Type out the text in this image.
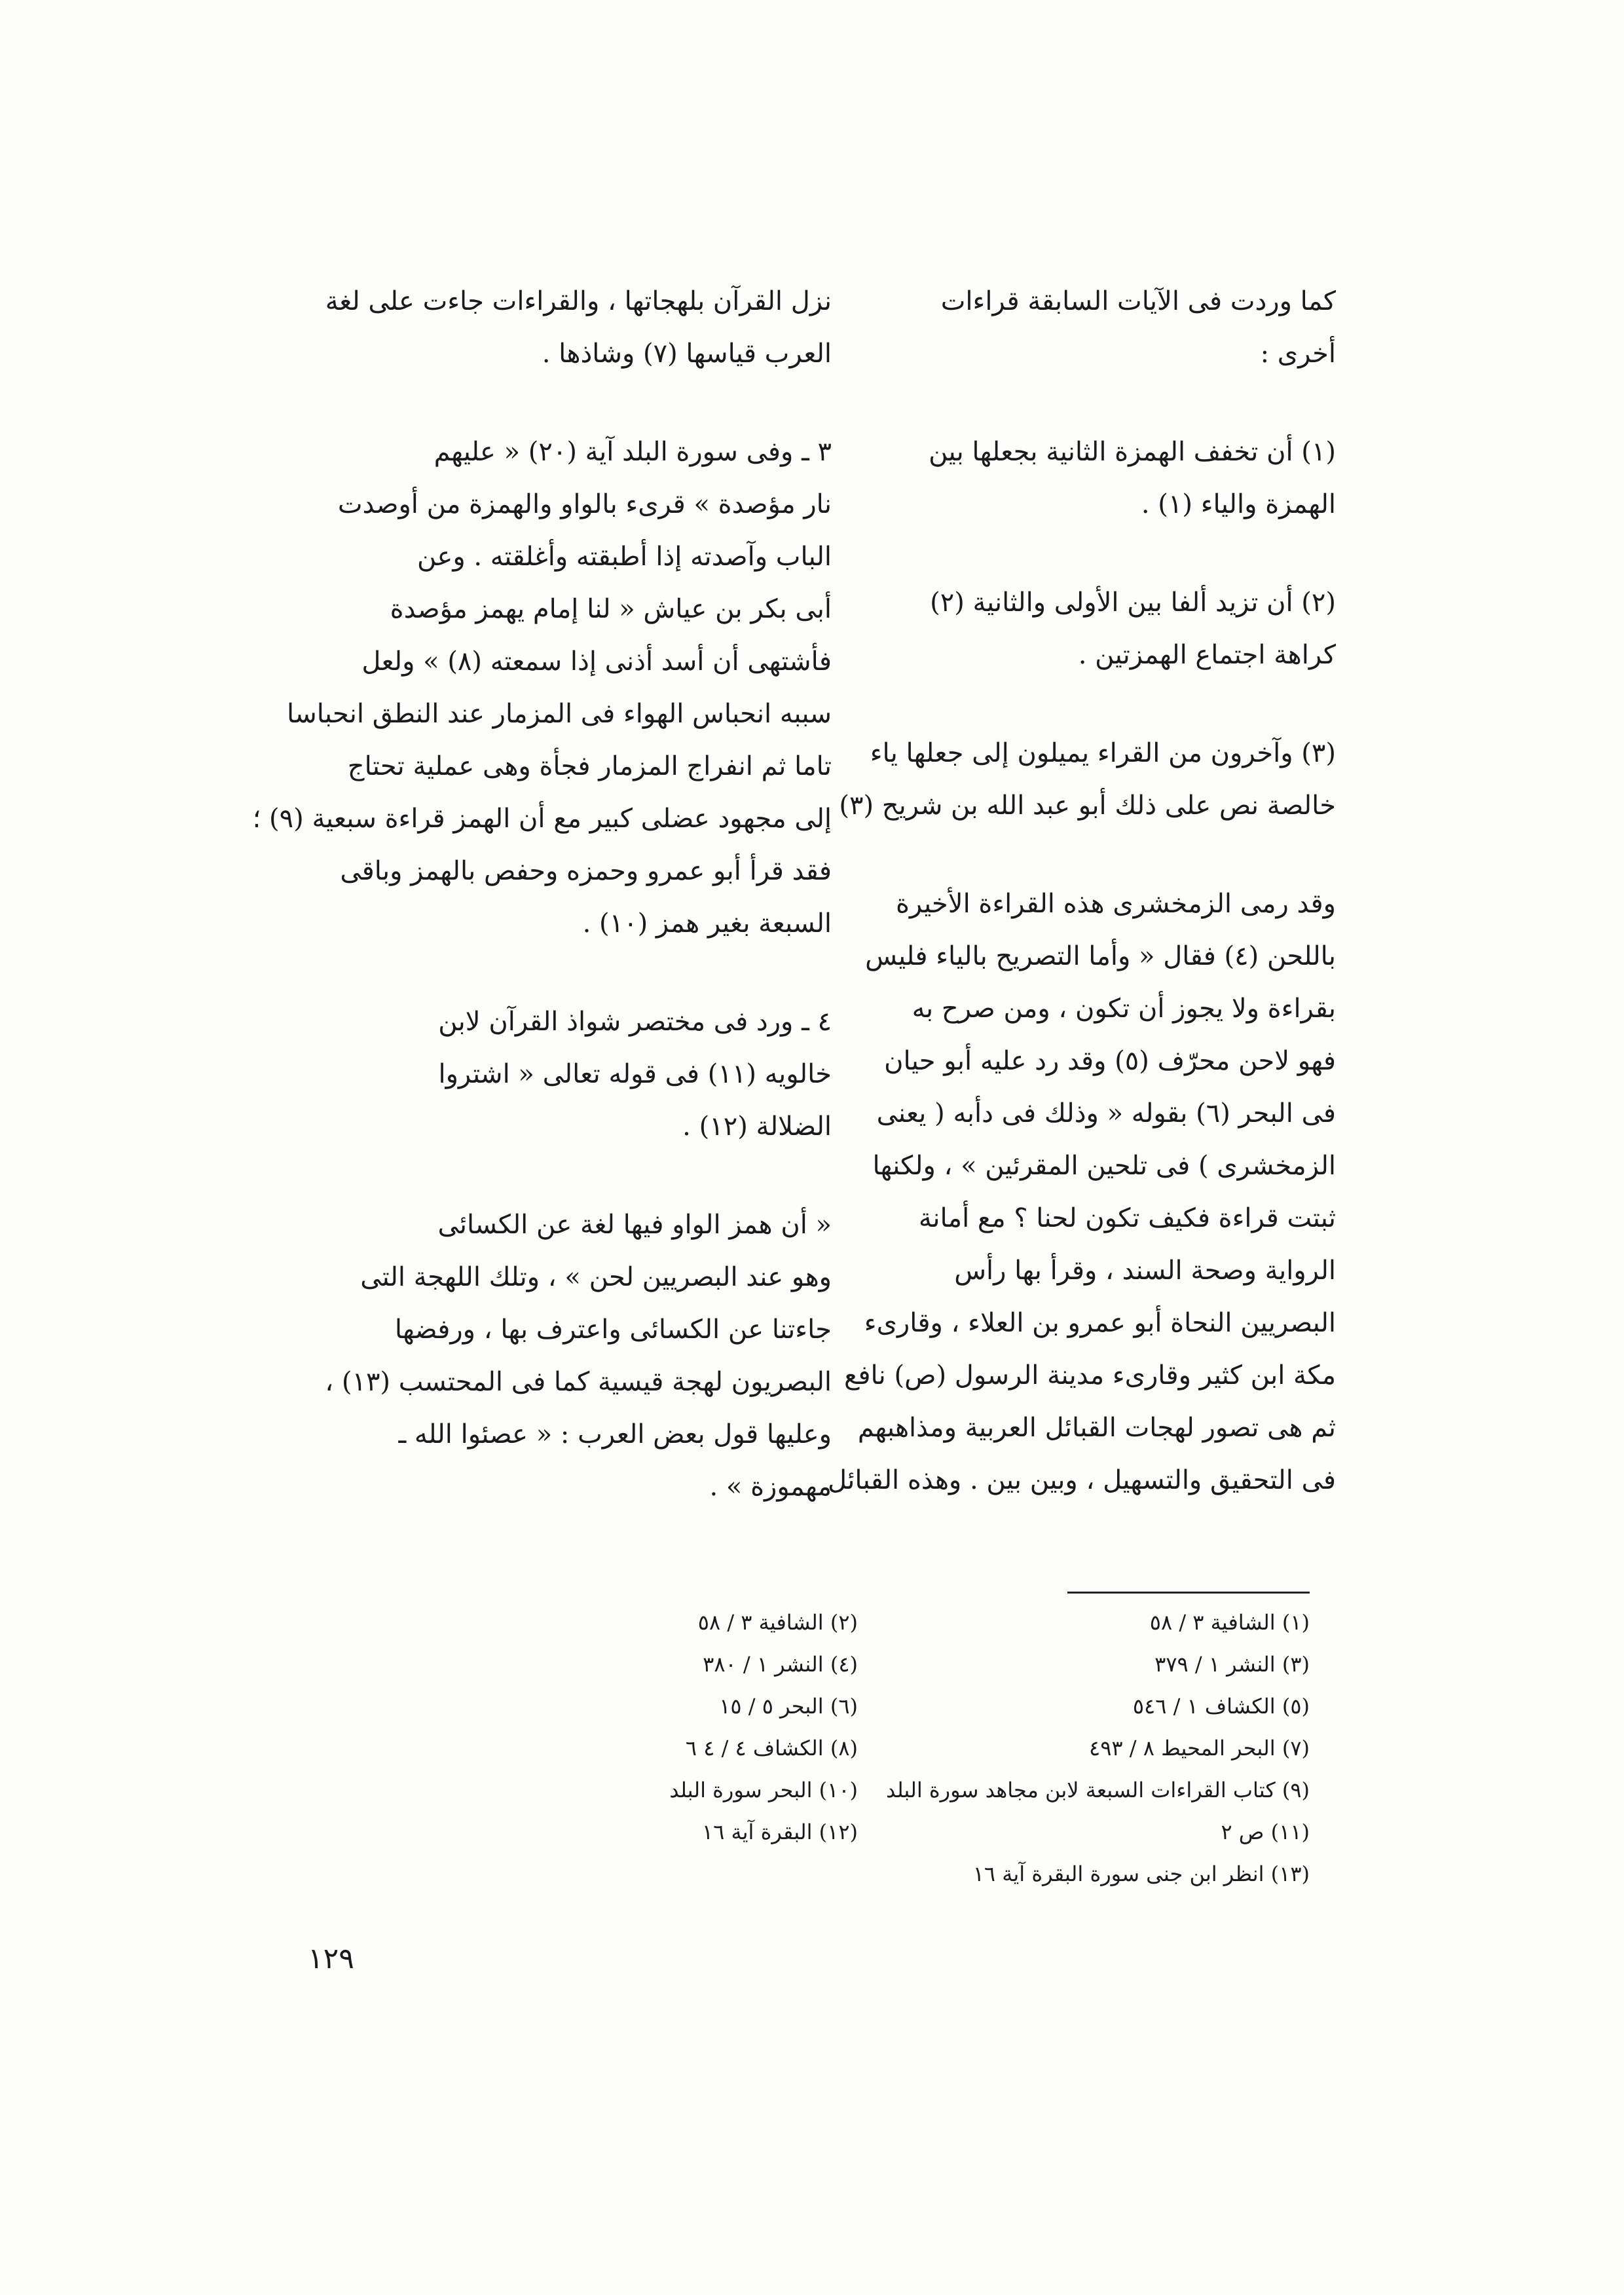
كما وردت فى الآيات السابقة قراءات
أخرى :
(١) أن تخفف الهمزة الثانية بجعلها بين
الهمزة والياء (١) .
(٢) أن تزيد ألفا بين الأولى والثانية (٢)
كراهة اجتماع الهمزتين .
(٣) وآخرون من القراء يميلون إلى جعلها ياء
خالصة نص على ذلك أبو عبد الله بن شريح (٣)
وقد رمى الزمخشرى هذه القراءة الأخيرة
باللحن (٤) فقال « وأما التصريح بالياء فليس
بقراءة ولا يجوز أن تكون ، ومن صرح به
فهو لاحن محرّف (٥) وقد رد عليه أبو حيان
فى البحر (٦) بقوله « وذلك فى دأبه ( يعنى
الزمخشرى ) فى تلحين المقرئين » ، ولكنها
ثبتت قراءة فكيف تكون لحنا ؟ مع أمانة
الرواية وصحة السند ، وقرأ بها رأس
البصريين النحاة أبو عمرو بن العلاء ، وقارىء
مكة ابن كثير وقارىء مدينة الرسول (ص) نافع
ثم هى تصور لهجات القبائل العربية ومذاهبهم
فى التحقيق والتسهيل ، وبين بين . وهذه القبائل
نزل القرآن بلهجاتها ، والقراءات جاءت على لغة
العرب قياسها (٧) وشاذها .
٣ ـ وفى سورة البلد آية (٢٠) « عليهم
نار مؤصدة » قرىء بالواو والهمزة من أوصدت
الباب وآصدته إذا أطبقته وأغلقته . وعن
أبى بكر بن عياش « لنا إمام يهمز مؤصدة
فأشتهى أن أسد أذنى إذا سمعته (٨) » ولعل
سببه انحباس الهواء فى المزمار عند النطق انحباسا
تاما ثم انفراج المزمار فجأة وهى عملية تحتاج
إلى مجهود عضلى كبير مع أن الهمز قراءة سبعية (٩) ؛
فقد قرأ أبو عمرو وحمزه وحفص بالهمز وباقى
السبعة بغير همز (١٠) .
٤ ـ ورد فى مختصر شواذ القرآن لابن
خالويه (١١) فى قوله تعالى « اشتروا
الضلالة (١٢) .
« أن همز الواو فيها لغة عن الكسائى
وهو عند البصريين لحن » ، وتلك اللهجة التى
جاءتنا عن الكسائى واعترف بها ، ورفضها
البصريون لهجة قيسية كما فى المحتسب (١٣) ،
وعليها قول بعض العرب : « عصئوا الله ـ
مهموزة » .
(١) الشافية ٣ / ٥٨
(٢) الشافية ٣ / ٥٨
(٣) النشر ١ / ٣٧٩
(٤) النشر ١ / ٣٨٠
(٥) الكشاف ١ / ٥٤٦
(٦) البحر ٥ / ١٥
(٧) البحر المحيط ٨ / ٤٩٣
(٨) الكشاف ٤ / ٤ ٦
(٩) كتاب القراءات السبعة لابن مجاهد سورة البلد
(١٠) البحر سورة البلد
(١١) ص ٢
(١٢) البقرة آية ١٦
(١٣) انظر ابن جنى سورة البقرة آية ١٦
١٢٩
